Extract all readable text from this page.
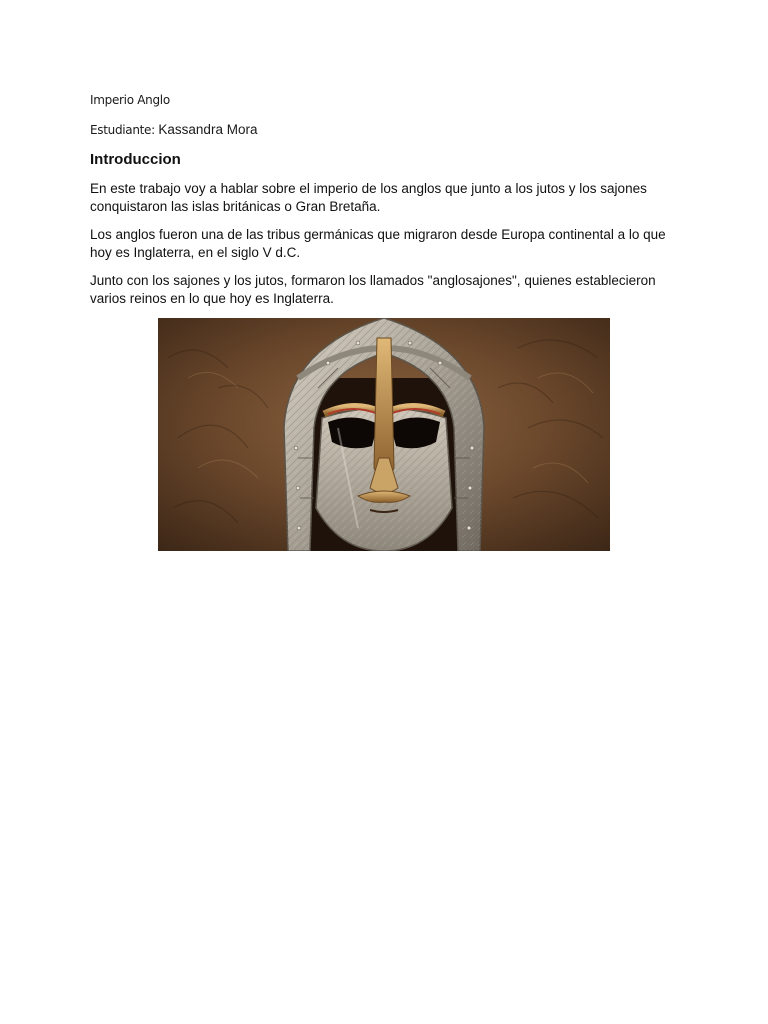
Imperio Anglo
Estudiante: Kassandra Mora
Introduccion

En este trabajo voy a hablar sobre el imperio de los anglos que junto a los jutos y los sajones conquistaron las islas británicas o Gran Bretaña.

Los anglos fueron una de las tribus germánicas que migraron desde Europa continental a lo que hoy es Inglaterra, en el siglo V d.C.

Junto con los sajones y los jutos, formaron los llamados "anglosajones", quienes establecieron varios reinos en lo que hoy es Inglaterra.
